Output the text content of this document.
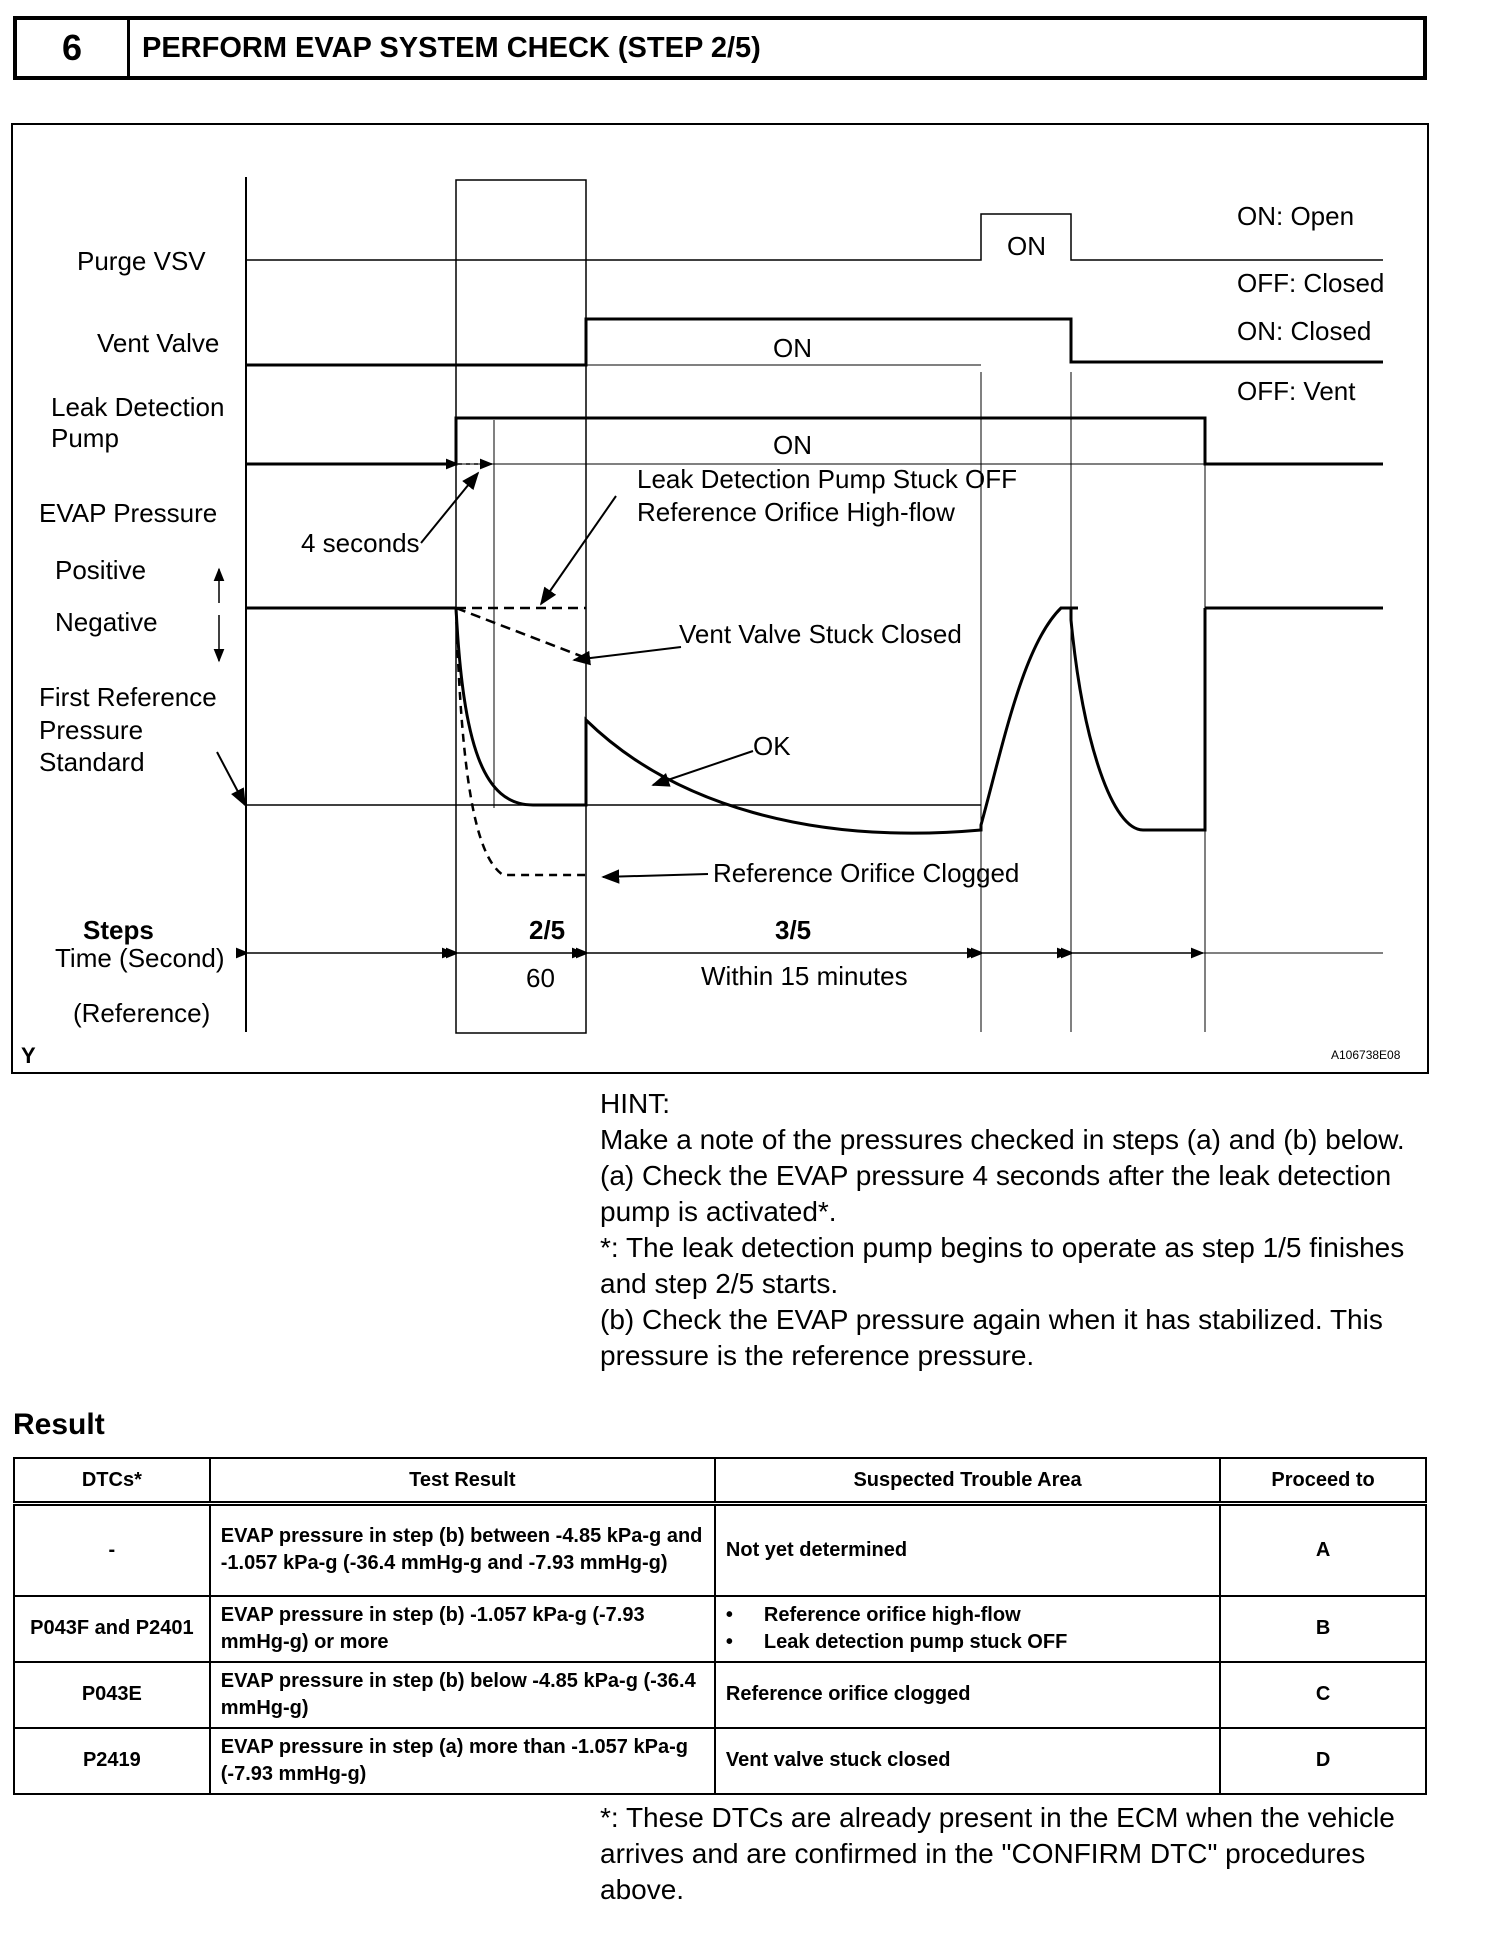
6	PERFORM EVAP SYSTEM CHECK (STEP 2/5)
Purge VSV
Vent Valve
Leak Detection
Pump
EVAP Pressure
Positive
Negative
First Reference
Pressure
Standard
Steps
Time (Second)
(Reference)
ON: Open
OFF: Closed
ON: Closed
OFF: Vent
ON
ON
ON
4 seconds
Leak Detection Pump Stuck OFF
Reference Orifice High-flow
Vent Valve Stuck Closed
OK
Reference Orifice Clogged
2/5	3/5
60	Within 15 minutes
Y	A106738E08

HINT:

Make a note of the pressures checked in steps (a) and (b) below.

(a) Check the EVAP pressure 4 seconds after the leak detection pump is activated*.

*: The leak detection pump begins to operate as step 1/5 finishes and step 2/5 starts.

(b) Check the EVAP pressure again when it has stabilized. This pressure is the reference pressure.

Result
DTCs*	Test Result	Suspected Trouble Area	Proceed to
-	EVAP pressure in step (b) between -4.85 kPa-g and -1.057 kPa-g (-36.4 mmHg-g and -7.93 mmHg-g)	Not yet determined	A
P043F and P2401	EVAP pressure in step (b) -1.057 kPa-g (-7.93 mmHg-g) or more	• Reference orifice high-flow
• Leak detection pump stuck OFF	B
P043E	EVAP pressure in step (b) below -4.85 kPa-g (-36.4 mmHg-g)	Reference orifice clogged	C
P2419	EVAP pressure in step (a) more than -1.057 kPa-g (-7.93 mmHg-g)	Vent valve stuck closed	D
*: These DTCs are already present in the ECM when the vehicle arrives and are confirmed in the "CONFIRM DTC" procedures above.
